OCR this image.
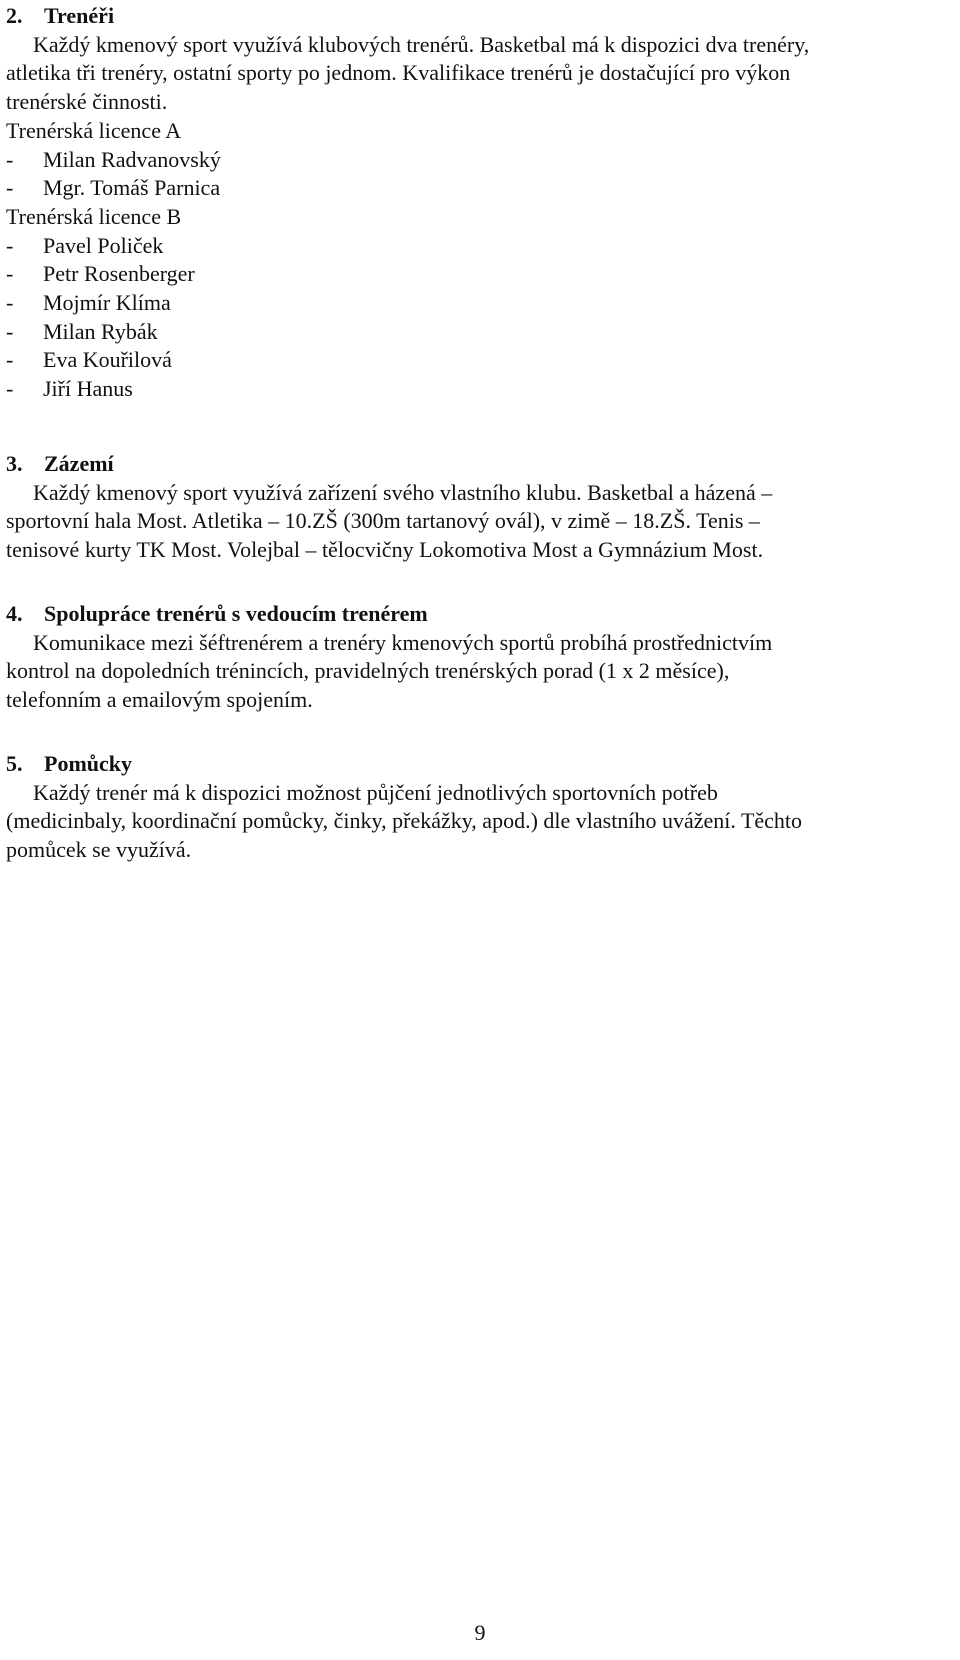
2. Trenéři
Každý kmenový sport využívá klubových trenérů. Basketbal má k dispozici dva trenéry,
atletika tři trenéry, ostatní sporty po jednom. Kvalifikace trenérů je dostačující pro výkon
trenérské činnosti.
Trenérská licence A
- Milan Radvanovský
- Mgr. Tomáš Parnica
Trenérská licence B
- Pavel Poliček
- Petr Rosenberger
- Mojmír Klíma
- Milan Rybák
- Eva Kouřilová
- Jiří Hanus
3. Zázemí
Každý kmenový sport využívá zařízení svého vlastního klubu. Basketbal a házená –
sportovní hala Most. Atletika – 10.ZŠ (300m tartanový ovál), v zimě – 18.ZŠ. Tenis –
tenisové kurty TK Most. Volejbal – tělocvičny Lokomotiva Most a Gymnázium Most.
4. Spolupráce trenérů s vedoucím trenérem
Komunikace mezi šéftrenérem a trenéry kmenových sportů probíhá prostřednictvím
kontrol na dopoledních trénincích, pravidelných trenérských porad (1 x 2 měsíce),
telefonním a emailovým spojením.
5. Pomůcky
Každý trenér má k dispozici možnost půjčení jednotlivých sportovních potřeb
(medicinbaly, koordinační pomůcky, činky, překážky, apod.) dle vlastního uvážení. Těchto
pomůcek se využívá.
9
